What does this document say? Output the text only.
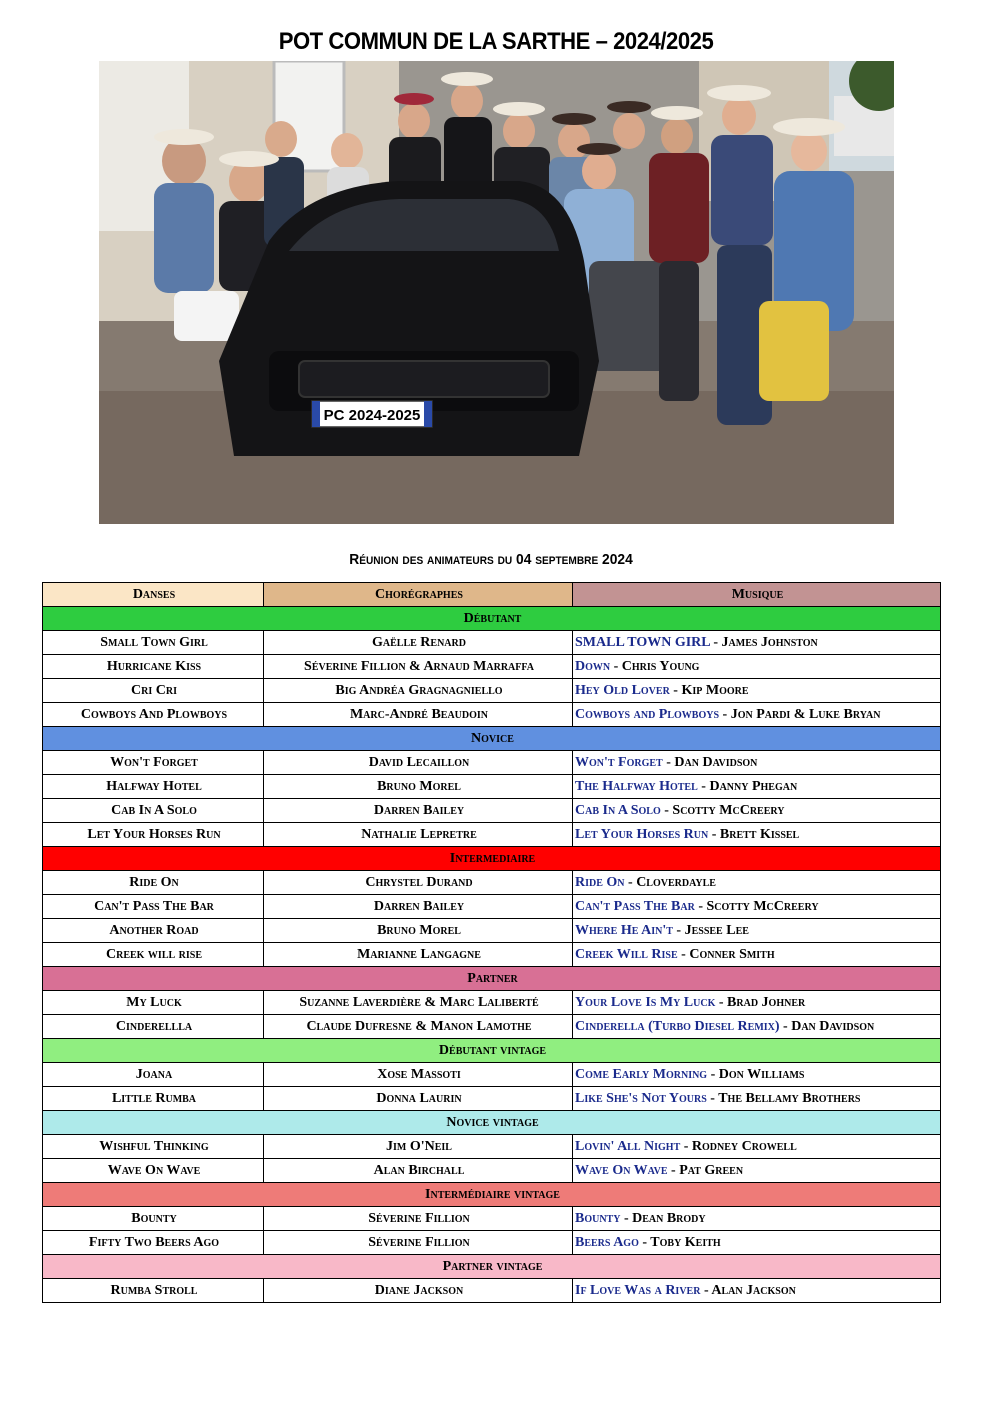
POT COMMUN DE LA SARTHE – 2024/2025
PC 2024-2025
Réunion des animateurs du 04 septembre 2024
Danses	Chorégraphes	Musique
Débutant		
Small Town Girl	Gaëlle Renard	SMALL TOWN GIRL - James Johnston
Hurricane Kiss	Séverine Fillion & Arnaud Marraffa	Down - Chris Young
Cri Cri	Big Andréa Gragnagniello	Hey Old Lover - Kip Moore
Cowboys And Plowboys	Marc-André Beaudoin	Cowboys and Plowboys - Jon Pardi & Luke Bryan
Novice		
Won't Forget	David Lecaillon	Won't Forget - Dan Davidson
Halfway Hotel	Bruno Morel	The Halfway Hotel - Danny Phegan
Cab In A Solo	Darren Bailey	Cab In A Solo - Scotty McCreery
Let Your Horses Run	Nathalie Lepretre	Let Your Horses Run - Brett Kissel
Intermediaire		
Ride On	Chrystel Durand	Ride On - Cloverdayle
Can't Pass The Bar	Darren Bailey	Can't Pass The Bar - Scotty McCreery
Another Road	Bruno Morel	Where He Ain't - Jessee Lee
Creek will rise	Marianne Langagne	Creek Will Rise - Conner Smith
Partner		
My Luck	Suzanne Laverdière & Marc Laliberté	Your Love Is My Luck - Brad Johner
Cinderellla	Claude Dufresne & Manon Lamothe	Cinderella (Turbo Diesel Remix) - Dan Davidson
Débutant vintage		
Joana	Xose Massoti	Come Early Morning - Don Williams
Little Rumba	Donna Laurin	Like She's Not Yours - The Bellamy Brothers
Novice vintage		
Wishful Thinking	Jim O'Neil	Lovin' All Night - Rodney Crowell
Wave On Wave	Alan Birchall	Wave On Wave - Pat Green
Intermédiaire vintage		
Bounty	Séverine Fillion	Bounty - Dean Brody
Fifty Two Beers Ago	Séverine Fillion	Beers Ago - Toby Keith
Partner vintage		
Rumba Stroll	Diane Jackson	If Love Was a River - Alan Jackson
